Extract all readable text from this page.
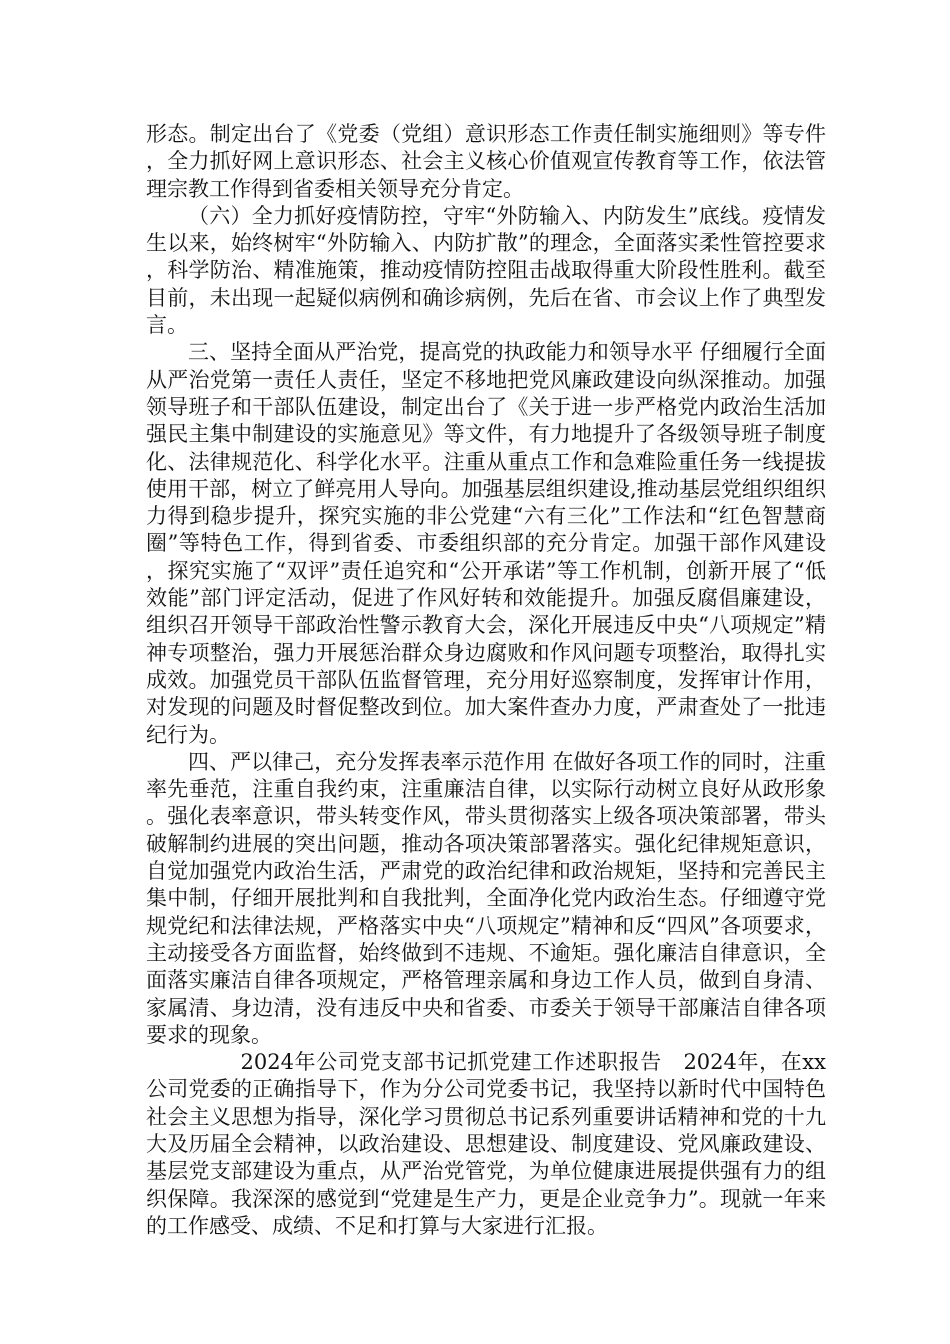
形态。制定出台了《党委（党组）意识形态工作责任制实施细则》等专件，全力抓好网上意识形态、社会主义核心价值观宣传教育等工作，依法管理宗教工作得到省委相关领导充分肯定。

（六）全力抓好疫情防控，守牢“外防输入、内防发生”底线。疫情发生以来，始终树牢“外防输入、内防扩散”的理念，全面落实柔性管控要求，科学防治、精准施策，推动疫情防控阻击战取得重大阶段性胜利。截至目前，未出现一起疑似病例和确诊病例，先后在省、市会议上作了典型发言。

三、坚持全面从严治党，提高党的执政能力和领导水平 仔细履行全面从严治党第一责任人责任，坚定不移地把党风廉政建设向纵深推动。加强领导班子和干部队伍建设，制定出台了《关于进一步严格党内政治生活加强民主集中制建设的实施意见》等文件，有力地提升了各级领导班子制度化、法律规范化、科学化水平。注重从重点工作和急难险重任务一线提拔使用干部，树立了鲜亮用人导向。加强基层组织建设,推动基层党组织组织力得到稳步提升，探究实施的非公党建“六有三化”工作法和“红色智慧商圈”等特色工作，得到省委、市委组织部的充分肯定。加强干部作风建设，探究实施了“双评”责任追究和“公开承诺”等工作机制，创新开展了“低效能”部门评定活动，促进了作风好转和效能提升。加强反腐倡廉建设，组织召开领导干部政治性警示教育大会，深化开展违反中央“八项规定”精神专项整治，强力开展惩治群众身边腐败和作风问题专项整治，取得扎实成效。加强党员干部队伍监督管理，充分用好巡察制度，发挥审计作用，对发现的问题及时督促整改到位。加大案件查办力度，严肃查处了一批违纪行为。

四、严以律己，充分发挥表率示范作用 在做好各项工作的同时，注重率先垂范，注重自我约束，注重廉洁自律，以实际行动树立良好从政形象。强化表率意识，带头转变作风，带头贯彻落实上级各项决策部署，带头破解制约进展的突出问题，推动各项决策部署落实。强化纪律规矩意识，自觉加强党内政治生活，严肃党的政治纪律和政治规矩，坚持和完善民主集中制，仔细开展批判和自我批判，全面净化党内政治生态。仔细遵守党规党纪和法律法规，严格落实中央“八项规定”精神和反“四风”各项要求，主动接受各方面监督，始终做到不违规、不逾矩。强化廉洁自律意识，全面落实廉洁自律各项规定，严格管理亲属和身边工作人员，做到自身清、家属清、身边清，没有违反中央和省委、市委关于领导干部廉洁自律各项要求的现象。

2024年公司党支部书记抓党建工作述职报告　2024年，在xx公司党委的正确指导下，作为分公司党委书记，我坚持以新时代中国特色社会主义思想为指导，深化学习贯彻总书记系列重要讲话精神和党的十九大及历届全会精神，以政治建设、思想建设、制度建设、党风廉政建设、基层党支部建设为重点，从严治党管党，为单位健康进展提供强有力的组织保障。我深深的感觉到“党建是生产力，更是企业竞争力”。现就一年来的工作感受、成绩、不足和打算与大家进行汇报。
